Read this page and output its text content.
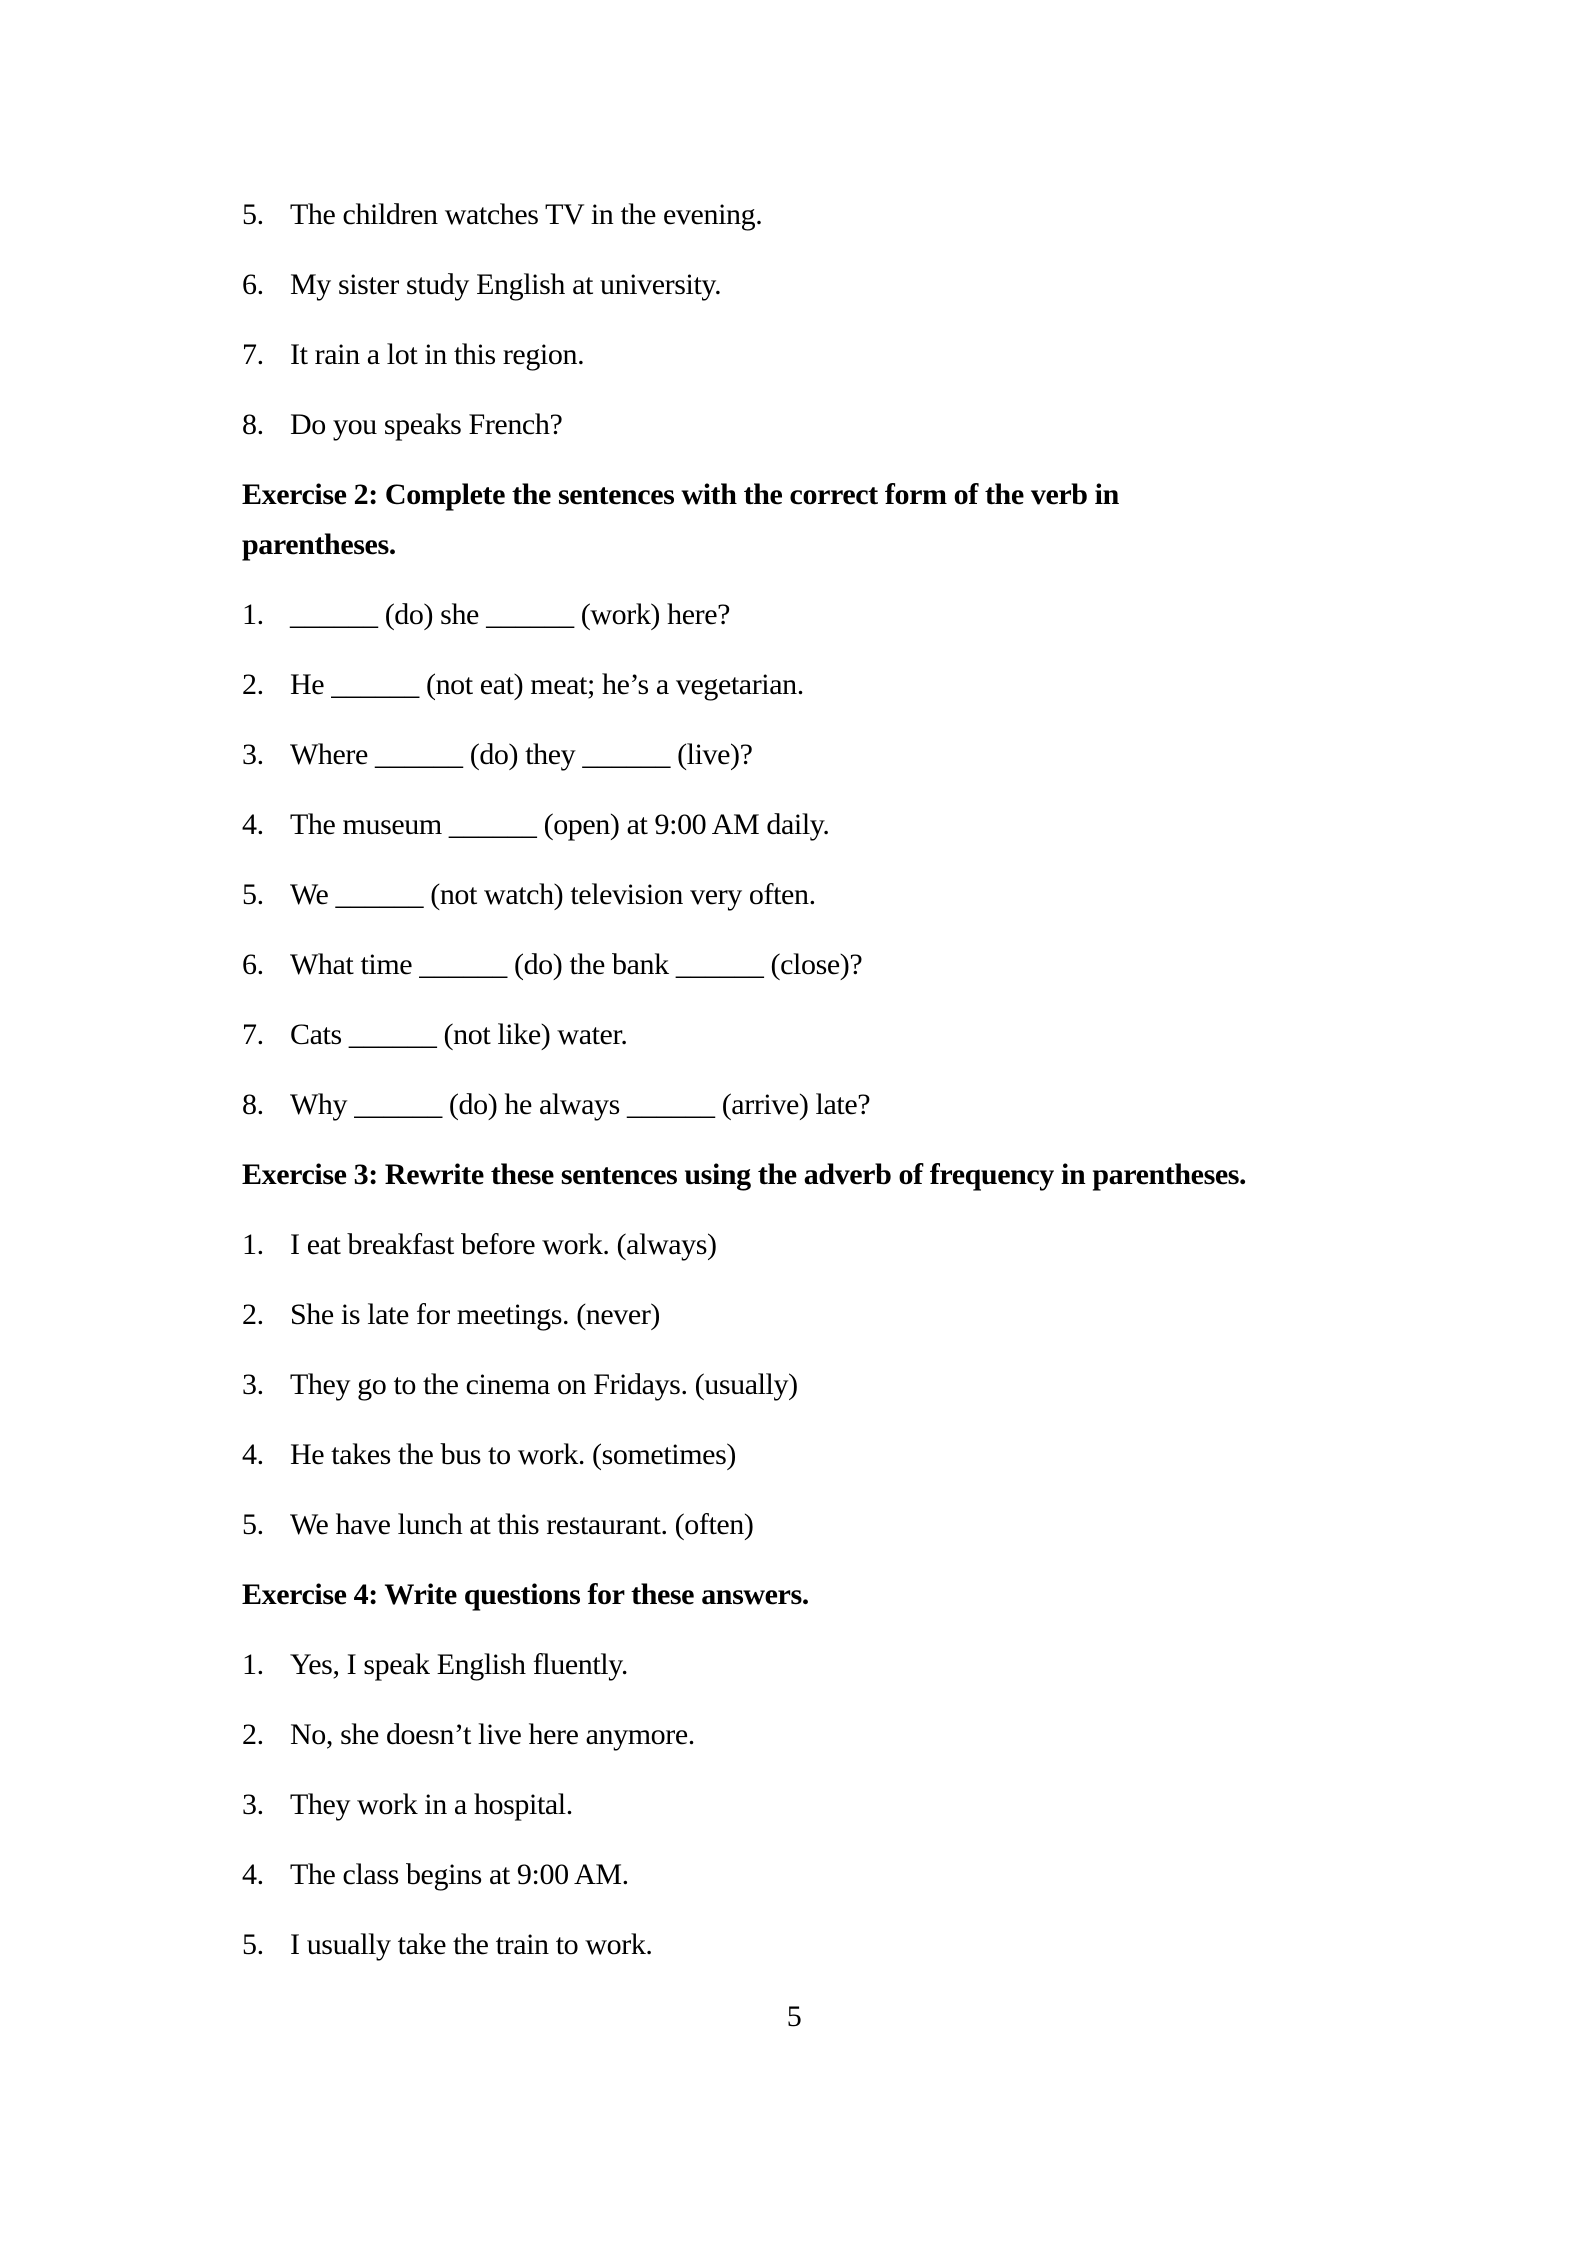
5. The children watches TV in the evening.
6. My sister study English at university.
7. It rain a lot in this region.
8. Do you speaks French?
Exercise 2: Complete the sentences with the correct form of the verb in
parentheses.
1. ______ (do) she ______ (work) here?
2. He ______ (not eat) meat; he’s a vegetarian.
3. Where ______ (do) they ______ (live)?
4. The museum ______ (open) at 9:00 AM daily.
5. We ______ (not watch) television very often.
6. What time ______ (do) the bank ______ (close)?
7. Cats ______ (not like) water.
8. Why ______ (do) he always ______ (arrive) late?
Exercise 3: Rewrite these sentences using the adverb of frequency in parentheses.
1. I eat breakfast before work. (always)
2. She is late for meetings. (never)
3. They go to the cinema on Fridays. (usually)
4. He takes the bus to work. (sometimes)
5. We have lunch at this restaurant. (often)
Exercise 4: Write questions for these answers.
1. Yes, I speak English fluently.
2. No, she doesn’t live here anymore.
3. They work in a hospital.
4. The class begins at 9:00 AM.
5. I usually take the train to work.
5
